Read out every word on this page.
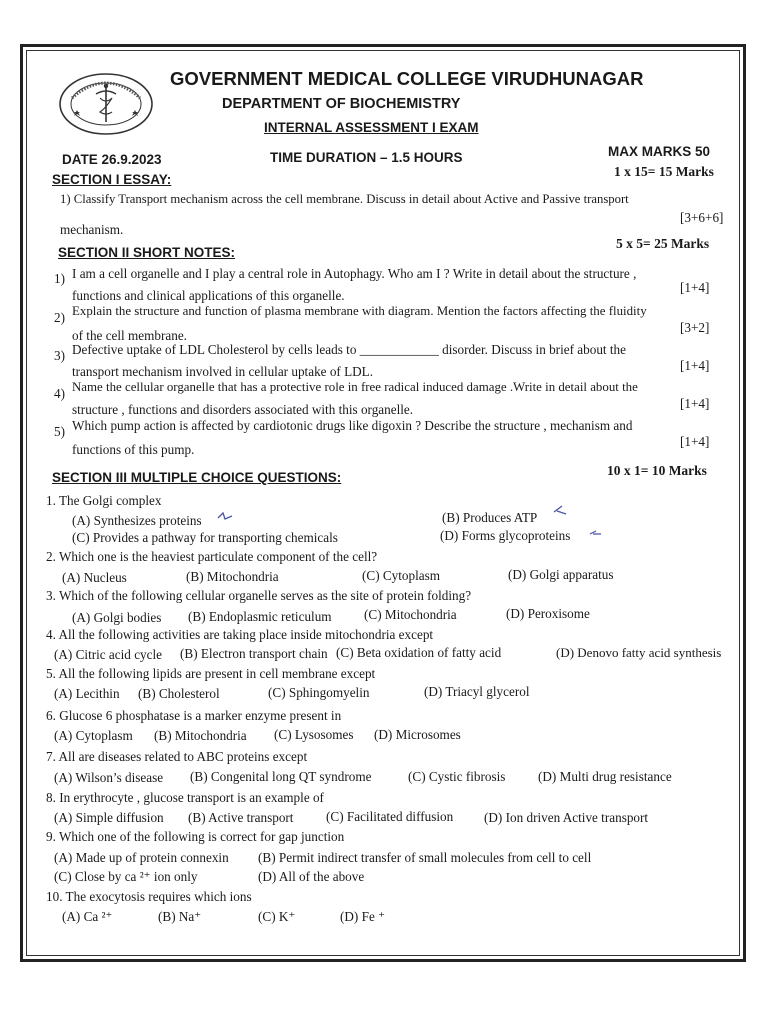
GOVERNMENT MEDICAL COLLEGE VIRUDHUNAGAR
DEPARTMENT OF BIOCHEMISTRY
INTERNAL ASSESSMENT I EXAM
DATE 26.9.2023	TIME DURATION – 1.5 HOURS	MAX MARKS 50
SECTION I ESSAY:
1 x 15= 15 Marks
1) Classify Transport mechanism across the cell membrane. Discuss in detail about Active and Passive transport
[3+6+6]
mechanism.
SECTION II SHORT NOTES:
5 x 5= 25 Marks
1) I am a cell organelle and I play a central role in Autophagy. Who am I ? Write in detail about the structure ,
[1+4]
functions and clinical applications of this organelle.
2) Explain the structure and function of plasma membrane with diagram. Mention the factors affecting the fluidity
[3+2]
of the cell membrane.
3) Defective uptake of LDL Cholesterol by cells leads to ____________ disorder. Discuss in brief about the
[1+4]
transport mechanism involved in cellular uptake of LDL.
4) Name the cellular organelle that has a protective role in free radical induced damage .Write in detail about the
[1+4]
structure , functions and disorders associated with this organelle.
5) Which pump action is affected by cardiotonic drugs like digoxin ? Describe the structure , mechanism and
[1+4]
functions of this pump.
SECTION III MULTIPLE CHOICE QUESTIONS:	10 x 1= 10 Marks
1. The Golgi complex
(A) Synthesizes proteins	(B) Produces ATP
(C) Provides a pathway for transporting chemicals	(D) Forms glycoproteins
2. Which one is the heaviest particulate component of the cell?
(A) Nucleus	(B) Mitochondria	(C) Cytoplasm	(D) Golgi apparatus
3. Which of the following cellular organelle serves as the site of protein folding?
(A) Golgi bodies (B) Endoplasmic reticulum (C) Mitochondria	(D) Peroxisome
4. All the following activities are taking place inside mitochondria except
(A) Citric acid cycle (B) Electron transport chain (C) Beta oxidation of fatty acid	(D) Denovo fatty acid synthesis
5. All the following lipids are present in cell membrane except
(A) Lecithin (B) Cholesterol	(C) Sphingomyelin	(D) Triacyl glycerol
6. Glucose 6 phosphatase is a marker enzyme present in
(A) Cytoplasm (B) Mitochondria (C) Lysosomes (D) Microsomes
7. All are diseases related to ABC proteins except
(A) Wilson’s disease (B) Congenital long QT syndrome	(C) Cystic fibrosis (D) Multi drug resistance
8. In erythrocyte , glucose transport is an example of
(A) Simple diffusion (B) Active transport (C) Facilitated diffusion (D) Ion driven Active transport
9. Which one of the following is correct for gap junction
(A) Made up of protein connexin (B) Permit indirect transfer of small molecules from cell to cell
(C) Close by ca ²⁺ ion only	(D) All of the above
10. The exocytosis requires which ions
(A) Ca ²⁺	(B) Na⁺	(C) K⁺	(D) Fe ⁺
